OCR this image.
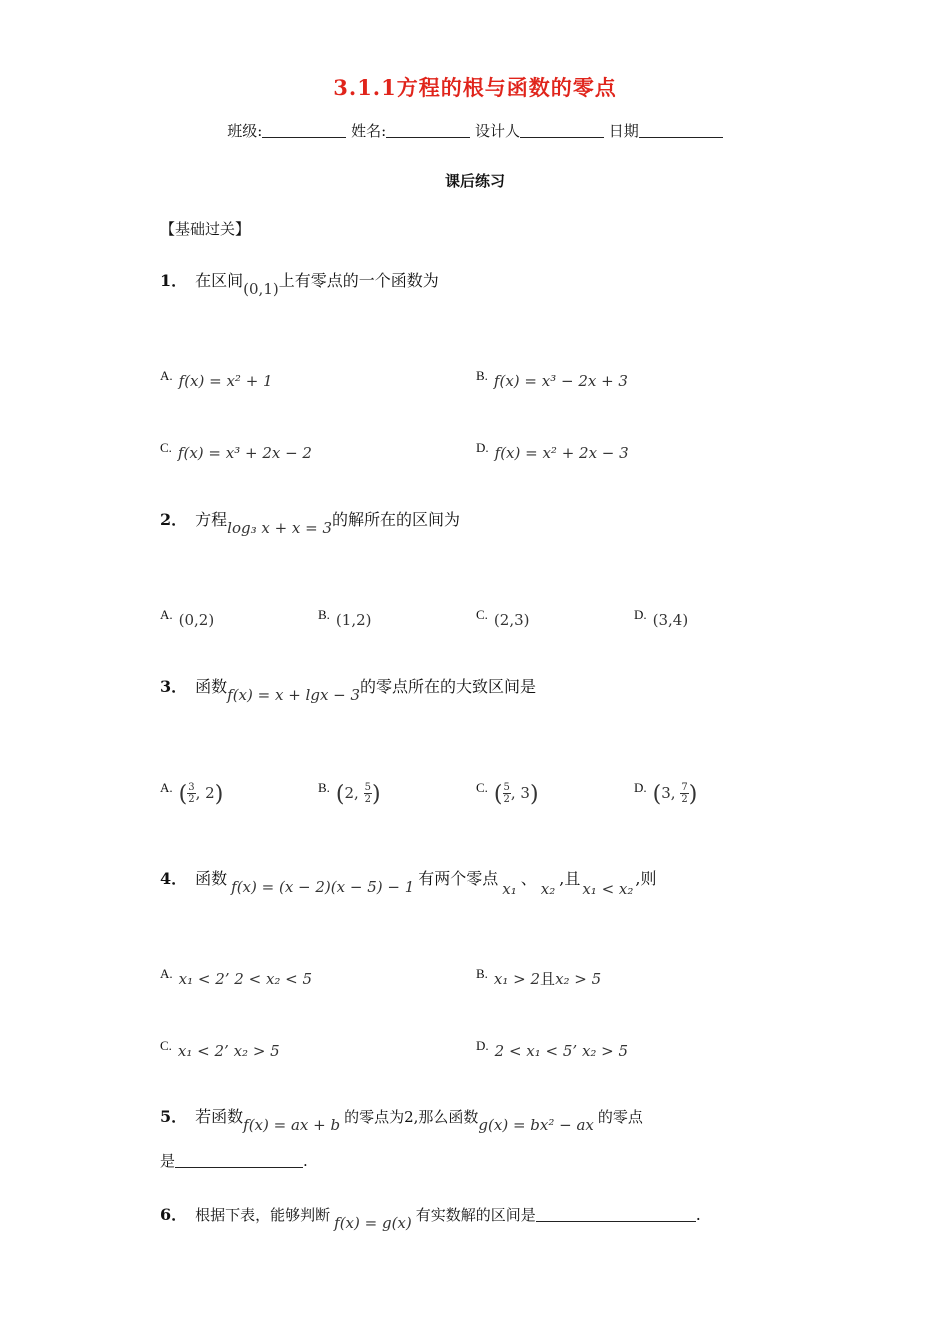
3.1.1方程的根与函数的零点
班级:	姓名:	设计人	日期
课后练习
【基础过关】
1． 在区间(0,1)上有零点的一个函数为
$^{A.}$ f(x) = x² + 1	$^{B.}$ f(x) = x³ − 2x + 3
$^{C.}$ f(x) = x³ + 2x − 2	$^{D.}$ f(x) = x² + 2x − 3
2． 方程log₃ x + x = 3的解所在的区间为
$^{A.}$ (0,2)	$^{B.}$ (1,2)	$^{C.}$ (2,3)	$^{D.}$ (3,4)
3． 函数f(x) = x + lgx − 3的零点所在的大致区间是
$^{A.}$ ( $\frac{3}{2}$ , 2)	$^{B.}$ (2, $\frac{5}{2}$ )	$^{C.}$ ( $\frac{5}{2}$ , 3)	$^{D.}$ (3, $\frac{7}{2}$ )
4． 函数 f(x) = (x − 2)(x − 5) − 1 有两个零点x₁、x₂,且x₁ < x₂,则
$^{A.}$ x₁ < 2’ 2 < x₂ < 5	$^{B.}$ x₁ > 2且x₂ > 5
$^{C.}$ x₁ < 2’ x₂ > 5	$^{D.}$ 2 < x₁ < 5’ x₂ > 5
5． 若函数f(x) = ax + b 的零点为2,那么函数g(x) = bx² − ax 的零点
是	.
6． 根据下表，能够判断 f(x) = g(x) 有实数解的区间是	.
